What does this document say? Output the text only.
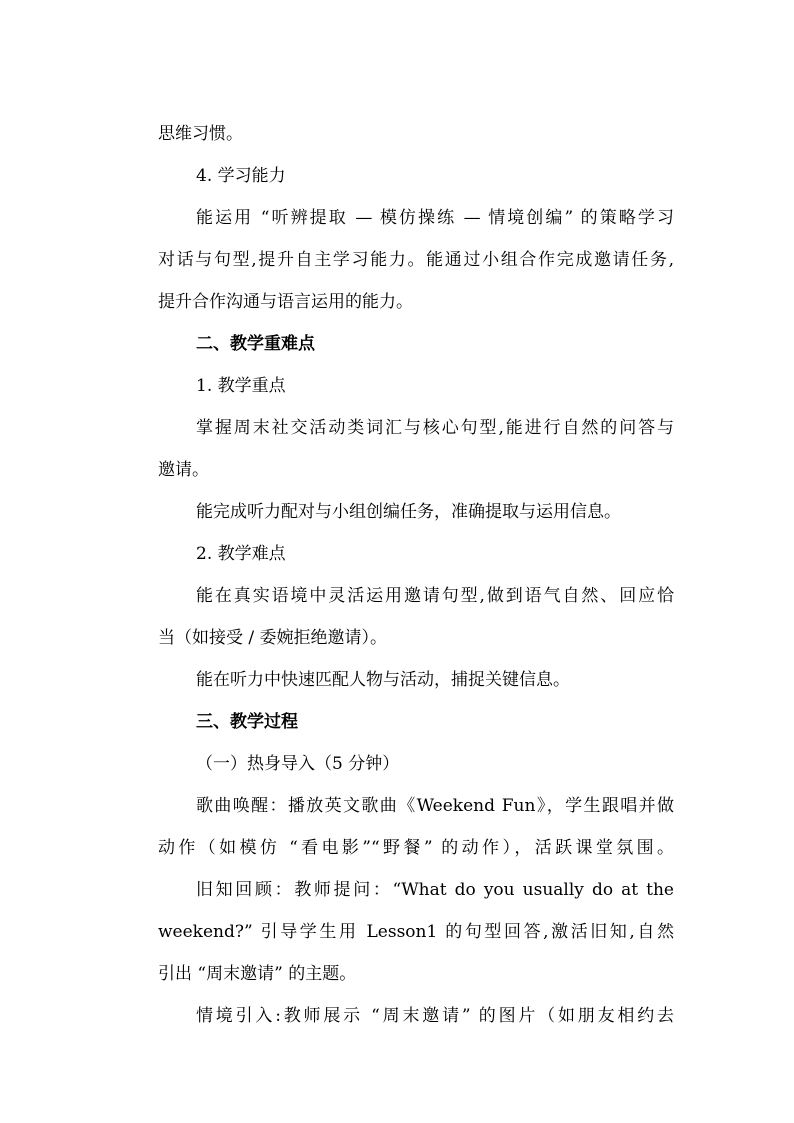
思维习惯。

4. 学习能力

能运用 “听辨提取 — 模仿操练 — 情境创编” 的策略学习

对话与句型,提升自主学习能力。能通过小组合作完成邀请任务,

提升合作沟通与语言运用的能力。

二、教学重难点

1. 教学重点

掌握周末社交活动类词汇与核心句型,能进行自然的问答与

邀请。

能完成听力配对与小组创编任务，准确提取与运用信息。

2. 教学难点

能在真实语境中灵活运用邀请句型,做到语气自然、回应恰

当（如接受 / 委婉拒绝邀请）。

能在听力中快速匹配人物与活动，捕捉关键信息。

三、教学过程

（一）热身导入（5 分钟）

歌曲唤醒：播放英文歌曲《Weekend Fun》，学生跟唱并做

动作（如模仿 “看电影”“野餐” 的动作），活跃课堂氛围。

旧知回顾：教师提问：“What do you usually do at the

weekend?” 引导学生用 Lesson1 的句型回答,激活旧知,自然

引出 “周末邀请” 的主题。

情境引入:教师展示 “周末邀请” 的图片（如朋友相约去
